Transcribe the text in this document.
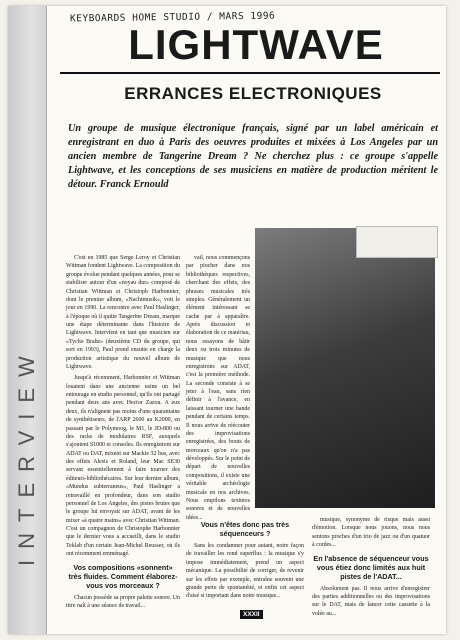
INTERVIEW
KEYBOARDS HOME STUDIO / MARS 1996
LIGHTWAVE
ERRANCES ELECTRONIQUES
Un groupe de musique électronique français, signé par un label américain et enregistrant en duo à Paris des oeuvres produites et mixées à Los Angeles par un ancien membre de Tangerine Dream ? Ne cherchez plus : ce groupe s'appelle Lightwave, et les conceptions de ses musiciens en matière de production méritent le détour. Franck Ernould

C'est en 1985 que Serge Leroy et Christian Wittman fondent Lightwave. La composition du groupe évolue pendant quelques années, pour se stabiliser autour d'un «noyau dur» composé de Christian Wittman et Christoph Harbonnier, dont le premier album, «Nachtmusik», voit le jour en 1990. La rencontre avec Paul Haslinger, à l'époque où il quitte Tangerine Dream, marque une étape déterminante dans l'histoire de Lightwave. Intervient en tant que musicien sur «Tycho Brahe» (deuxième CD du groupe, qui sort en 1993), Paul prend ensuite en charge la production artistique du nouvel album de Lightwave.

Jusqu'à récemment, Harbonnier et Wittman louaient dans une ancienne usine un bel entourage en studio personnel, qu'ils ont partagé pendant deux ans avec Hector Zazou. A eux deux, ils n'alignent pas moins d'une quarantaine de synthétiseurs, de l'ARP 2600 au K2000, en passant par le Polymoog, le M1, le JD-800 ou des racks de modulaires RSF, auxquels s'ajoutent S1000 et consoles. Ils enregistrent sur ADAT ou DAT, mixent sur Mackie 32 bus, avec des effets Alesis et Roland, leur Mac SE30 servant essentiellement à faire tourner des éditeurs-bibliothécaires. Sur leur dernier album, «Mundus subterraneus», Paul Haslinger a retravaillé en profondeur, dans son studio personnel de Los Angeles, des pistes brutes que le groupe lui envoyait sur ADAT, avant de les mixer «à quatre mains» avec Christian Wittman. C'est un compagnon de Christophe Harbonnier que le dernier vous a accueilli, dans le studio Teklab d'un certain Jean-Michel Reusser, où ils ont récemment emménagé.

Vos compositions «sonnent» très fluides. Comment élaborez-vous vos morceaux ?

Chacun possède sa propre palette sonore. Un titre naît à une séance de travail...

vail, nous commençons par piocher dans nos bibliothèques respectives, cherchant des effets, des phrases musicales très simples. Généralement un élément intéressant se cache par à apparaître. Après discussion et élaboration de ce matériau, nous essayons de bâtir deux ou trois minutes de musique que nous enregistrons sur ADAT, c'est la première méthode. La seconde consiste à se jeter à l'eau, sans rien définir à l'avance, en laissant tourner une bande pendant de certains temps. Il nous arrive de réécouter des improvisations enregistrées, des bouts de morceaux qu'on n'a pas développés. Sur le point de départ de nouvelles compositions, il existe une véritable archéologie musicale en nos archives. Nous empilons textures sonores et de nouvelles idées...

Vous n'êtes donc pas très séquenceurs ?

Sans les condamner pour autant, notre façon de travailler les rend superflus : la musique s'y impose immédiatement, prend un aspect mécanique. La possibilité de corriger, de revenir sur les effets par exemple, entraîne souvent une grande perte de spontanéité, et enfin cet aspect d'aisé si important dans notre musique...

musique, synonyme de risque mais aussi d'émotion. Lorsque nous jouons, nous nous sentons proches d'un trio de jazz ou d'un quatuor à cordes...

En l'absence de séquenceur vous vous étiez donc limités aux huit pistes de l'ADAT...

Absolument pas. Il nous arrive d'enregistrer des parties additionnelles ou des improvisations sur le DAT, mais de lancer cette cassette à la volée au...

XXXII
